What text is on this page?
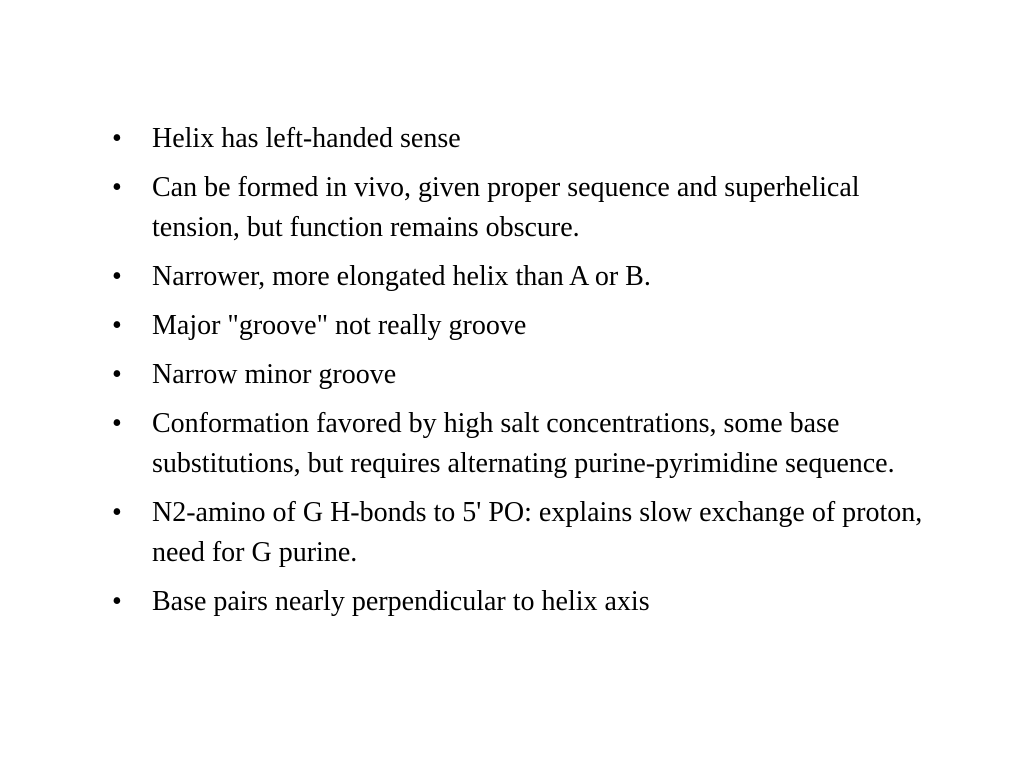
•	Helix has left-handed sense
•	Can be formed in vivo, given proper sequence and superhelical tension, but function remains obscure.
•	Narrower, more elongated helix than A or B.
•	Major "groove" not really groove
•	Narrow minor groove
•	Conformation favored by high salt concentrations, some base substitutions, but requires alternating purine-pyrimidine sequence.
•	N2-amino of G H-bonds to 5' PO: explains slow exchange of proton, need for G purine.
•	Base pairs nearly perpendicular to helix axis
